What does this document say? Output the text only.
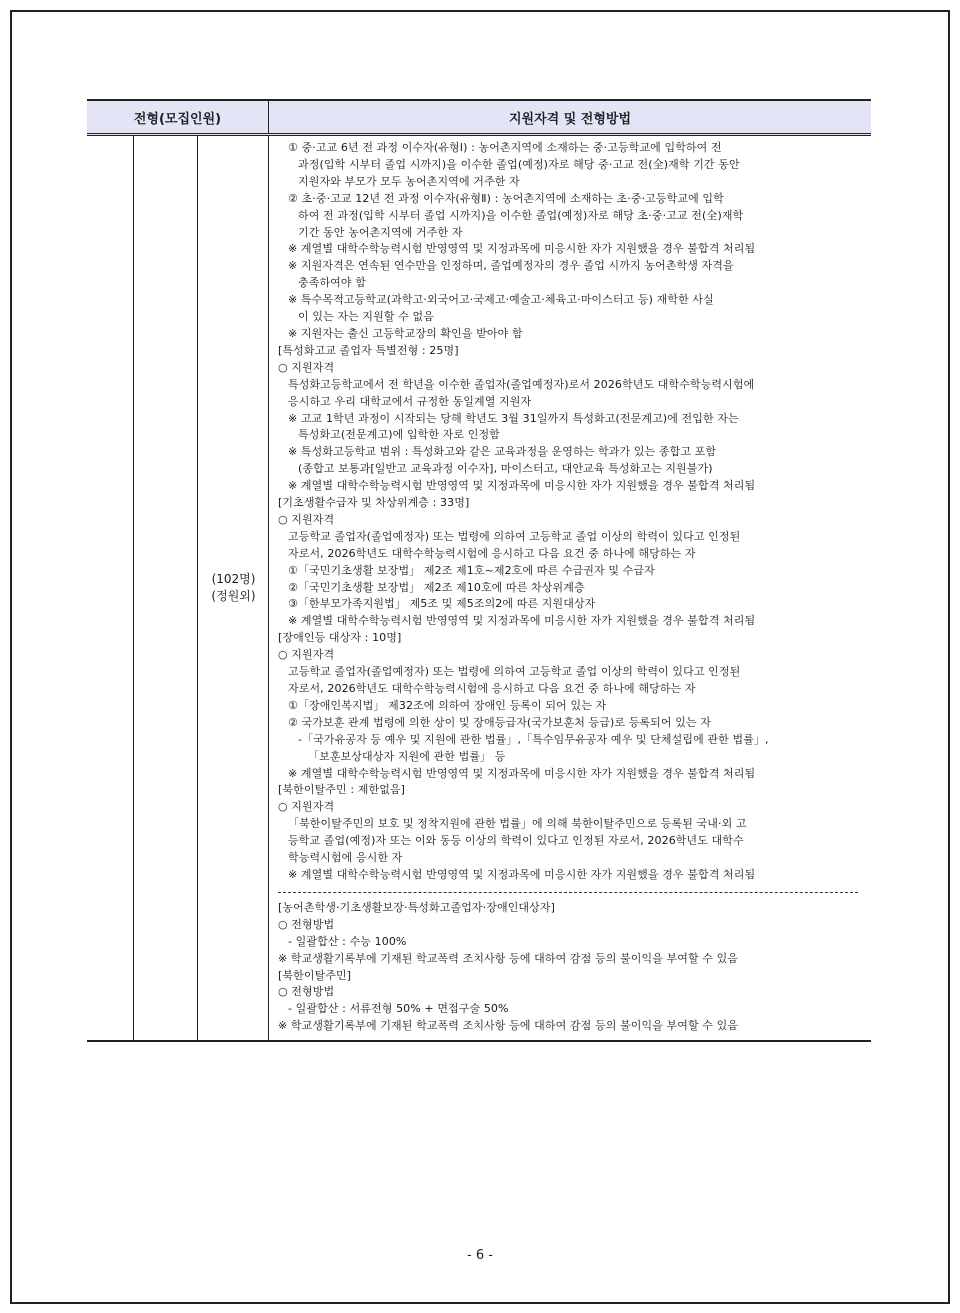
전형(모집인원)	지원자격 및 전형방법
(102명)
(정원외)
① 중·고교 6년 전 과정 이수자(유형Ⅰ) : 농어촌지역에 소재하는 중·고등학교에 입학하여 전
과정(입학 시부터 졸업 시까지)을 이수한 졸업(예정)자로 해당 중·고교 전(全)재학 기간 동안
지원자와 부모가 모두 농어촌지역에 거주한 자
② 초·중·고교 12년 전 과정 이수자(유형Ⅱ) : 농어촌지역에 소재하는 초·중·고등학교에 입학
하여 전 과정(입학 시부터 졸업 시까지)을 이수한 졸업(예정)자로 해당 초·중·고교 전(全)재학
기간 동안 농어촌지역에 거주한 자
※ 계열별 대학수학능력시험 반영영역 및 지정과목에 미응시한 자가 지원했을 경우 불합격 처리됨
※ 지원자격은 연속된 연수만을 인정하며, 졸업예정자의 경우 졸업 시까지 농어촌학생 자격을
충족하여야 함
※ 특수목적고등학교(과학고·외국어고·국제고·예술고·체육고·마이스터고 등) 재학한 사실
이 있는 자는 지원할 수 없음
※ 지원자는 출신 고등학교장의 확인을 받아야 함
[특성화고교 졸업자 특별전형 : 25명]
○ 지원자격
특성화고등학교에서 전 학년을 이수한 졸업자(졸업예정자)로서 2026학년도 대학수학능력시험에
응시하고 우리 대학교에서 규정한 동일계열 지원자
※ 고교 1학년 과정이 시작되는 당해 학년도 3월 31일까지 특성화고(전문계고)에 전입한 자는
특성화고(전문계고)에 입학한 자로 인정함
※ 특성화고등학교 범위 : 특성화고와 같은 교육과정을 운영하는 학과가 있는 종합고 포함
(종합고 보통과[일반고 교육과정 이수자], 마이스터고, 대안교육 특성화고는 지원불가)
※ 계열별 대학수학능력시험 반영영역 및 지정과목에 미응시한 자가 지원했을 경우 불합격 처리됨
[기초생활수급자 및 차상위계층 : 33명]
○ 지원자격
고등학교 졸업자(졸업예정자) 또는 법령에 의하여 고등학교 졸업 이상의 학력이 있다고 인정된
자로서, 2026학년도 대학수학능력시험에 응시하고 다음 요건 중 하나에 해당하는 자
①「국민기초생활 보장법」 제2조 제1호~제2호에 따른 수급권자 및 수급자
②「국민기초생활 보장법」 제2조 제10호에 따른 차상위계층
③「한부모가족지원법」 제5조 및 제5조의2에 따른 지원대상자
※ 계열별 대학수학능력시험 반영영역 및 지정과목에 미응시한 자가 지원했을 경우 불합격 처리됨
[장애인등 대상자 : 10명]
○ 지원자격
고등학교 졸업자(졸업예정자) 또는 법령에 의하여 고등학교 졸업 이상의 학력이 있다고 인정된
자로서, 2026학년도 대학수학능력시험에 응시하고 다음 요건 중 하나에 해당하는 자
①「장애인복지법」 제32조에 의하여 장애인 등록이 되어 있는 자
② 국가보훈 관계 법령에 의한 상이 및 장애등급자(국가보훈처 등급)로 등록되어 있는 자
-「국가유공자 등 예우 및 지원에 관한 법률」,「특수임무유공자 예우 및 단체설립에 관한 법률」,
「보훈보상대상자 지원에 관한 법률」 등
※ 계열별 대학수학능력시험 반영영역 및 지정과목에 미응시한 자가 지원했을 경우 불합격 처리됨
[북한이탈주민 : 제한없음]
○ 지원자격
「북한이탈주민의 보호 및 정착지원에 관한 법률」에 의해 북한이탈주민으로 등록된 국내·외 고
등학교 졸업(예정)자 또는 이와 동등 이상의 학력이 있다고 인정된 자로서, 2026학년도 대학수
학능력시험에 응시한 자
※ 계열별 대학수학능력시험 반영영역 및 지정과목에 미응시한 자가 지원했을 경우 불합격 처리됨
[농어촌학생·기초생활보장·특성화고졸업자·장애인대상자]
○ 전형방법
- 일괄합산 : 수능 100%
※ 학교생활기록부에 기재된 학교폭력 조치사항 등에 대하여 감점 등의 불이익을 부여할 수 있음
[북한이탈주민]
○ 전형방법
- 일괄합산 : 서류전형 50% + 면접구술 50%
※ 학교생활기록부에 기재된 학교폭력 조치사항 등에 대하여 감점 등의 불이익을 부여할 수 있음
- 6 -
